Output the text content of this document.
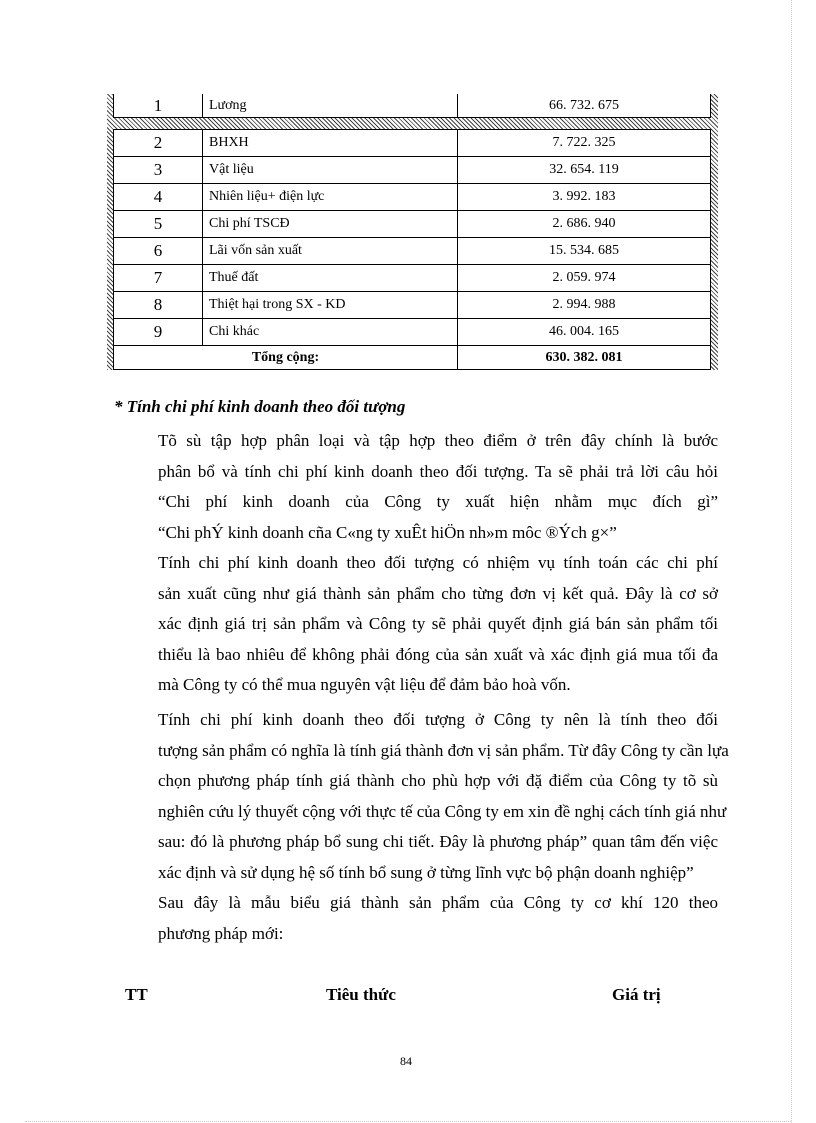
1	Lương	66. 732. 675
2	BHXH	7. 722. 325
3	Vật liệu	32. 654. 119
4	Nhiên liệu+ điện lực	3. 992. 183
5	Chi phí TSCĐ	2. 686. 940
6	Lãi vốn sản xuất	15. 534. 685
7	Thuế đất	2. 059. 974
8	Thiệt hại trong SX - KD	2. 994. 988
9	Chi khác	46. 004. 165
Tổng cộng:		630. 382. 081
* Tính chi phí kinh doanh theo đối tượng
Tõ sù tập hợp phân loại và tập hợp theo điểm ở trên đây chính là bước
phân bổ và tính chi phí kinh doanh theo đối tượng. Ta sẽ phải trả lời câu hỏi
“Chi phí kinh doanh của Công ty xuất hiện nhằm mục đích gì”
“Chi phÝ kinh doanh cña C«ng ty xuÊt hiÖn nh»m môc ®Ých g×”
Tính chi phí kinh doanh theo đối tượng có nhiệm vụ tính toán các chi phí
sản xuất cũng như giá thành sản phẩm cho từng đơn vị kết quả. Đây là cơ sở
xác định giá trị sản phẩm và Công ty sẽ phải quyết định giá bán sản phẩm tối
thiểu là bao nhiêu để không phải đóng của sản xuất và xác định giá mua tối đa
mà Công ty có thể mua nguyên vật liệu để đảm bảo hoà vốn.
Tính chi phí kinh doanh theo đối tượng ở Công ty nên là tính theo đối
tượng sản phẩm có nghĩa là tính giá thành đơn vị sản phẩm. Từ đây Công ty cần lựa
chọn phương pháp tính giá thành cho phù hợp với đặ điểm của Công ty tõ sù
nghiên cứu lý thuyết cộng với thực tế của Công ty em xin đề nghị cách tính giá như
sau: đó là phương pháp bổ sung chi tiết. Đây là phương pháp” quan tâm đến việc
xác định và sử dụng hệ số tính bổ sung ở từng lĩnh vực bộ phận doanh nghiệp”
Sau đây là mẫu biểu giá thành sản phẩm của Công ty cơ khí 120 theo
phương pháp mới:
TT	Tiêu thức	Giá trị
84
